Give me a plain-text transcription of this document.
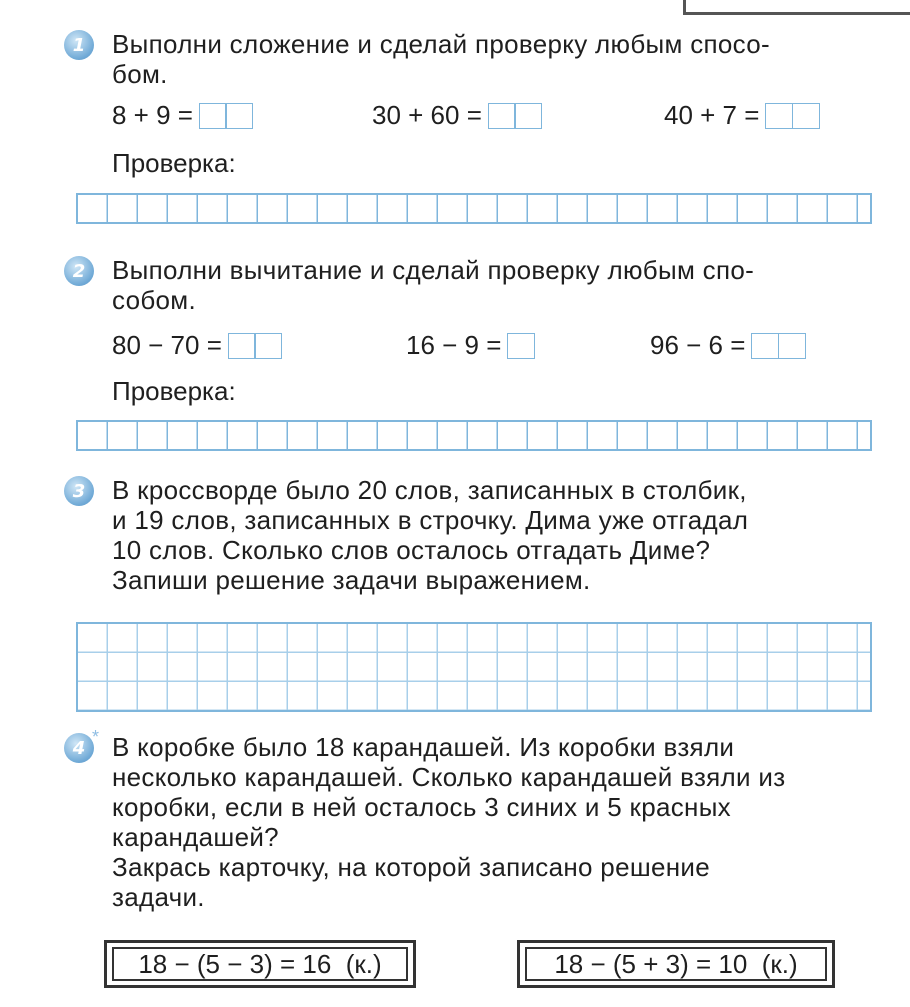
1 Выполни сложение и сделай проверку любым спосо-
бом.

8 + 9 =	30 + 60 =	40 + 7 =
Проверка:
2 Выполни вычитание и сделай проверку любым спо-
собом.

80 − 70 =	16 − 9 =	96 − 6 =
Проверка:
3 В кроссворде было 20 слов, записанных в столбик,
и 19 слов, записанных в строчку. Дима уже отгадал
10 слов. Сколько слов осталось отгадать Диме?
Запиши решение задачи выражением.

4
* В коробке было 18 карандашей. Из коробки взяли
несколько карандашей. Сколько карандашей взяли из
коробки, если в ней осталось 3 синих и 5 красных
карандашей?
Закрась карточку, на которой записано решение
задачи.

18 − (5 − 3) = 16  (к.)	18 − (5 + 3) = 10  (к.)
